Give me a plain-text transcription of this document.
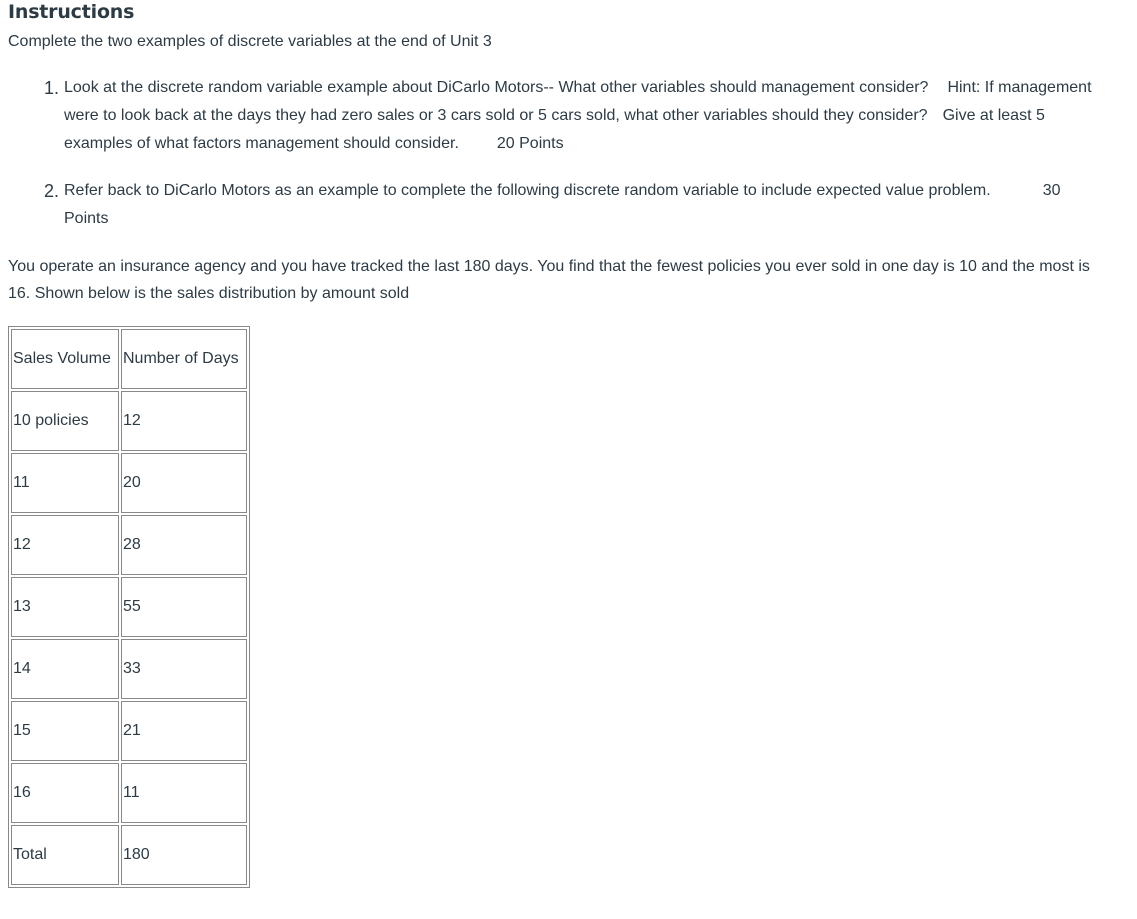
Instructions
Complete the two examples of discrete variables at the end of Unit 3
1. Look at the discrete random variable example about DiCarlo Motors-- What other variables should management consider? Hint: If management
were to look back at the days they had zero sales or 3 cars sold or 5 cars sold, what other variables should they consider? Give at least 5
examples of what factors management should consider. 20 Points
2. Refer back to DiCarlo Motors as an example to complete the following discrete random variable to include expected value problem.	30
Points
You operate an insurance agency and you have tracked the last 180 days. You find that the fewest policies you ever sold in one day is 10 and the most is
16. Shown below is the sales distribution by amount sold
Sales Volume	Number of Days
10 policies	12
11	20
12	28
13	55
14	33
15	21
16	11
Total	180
